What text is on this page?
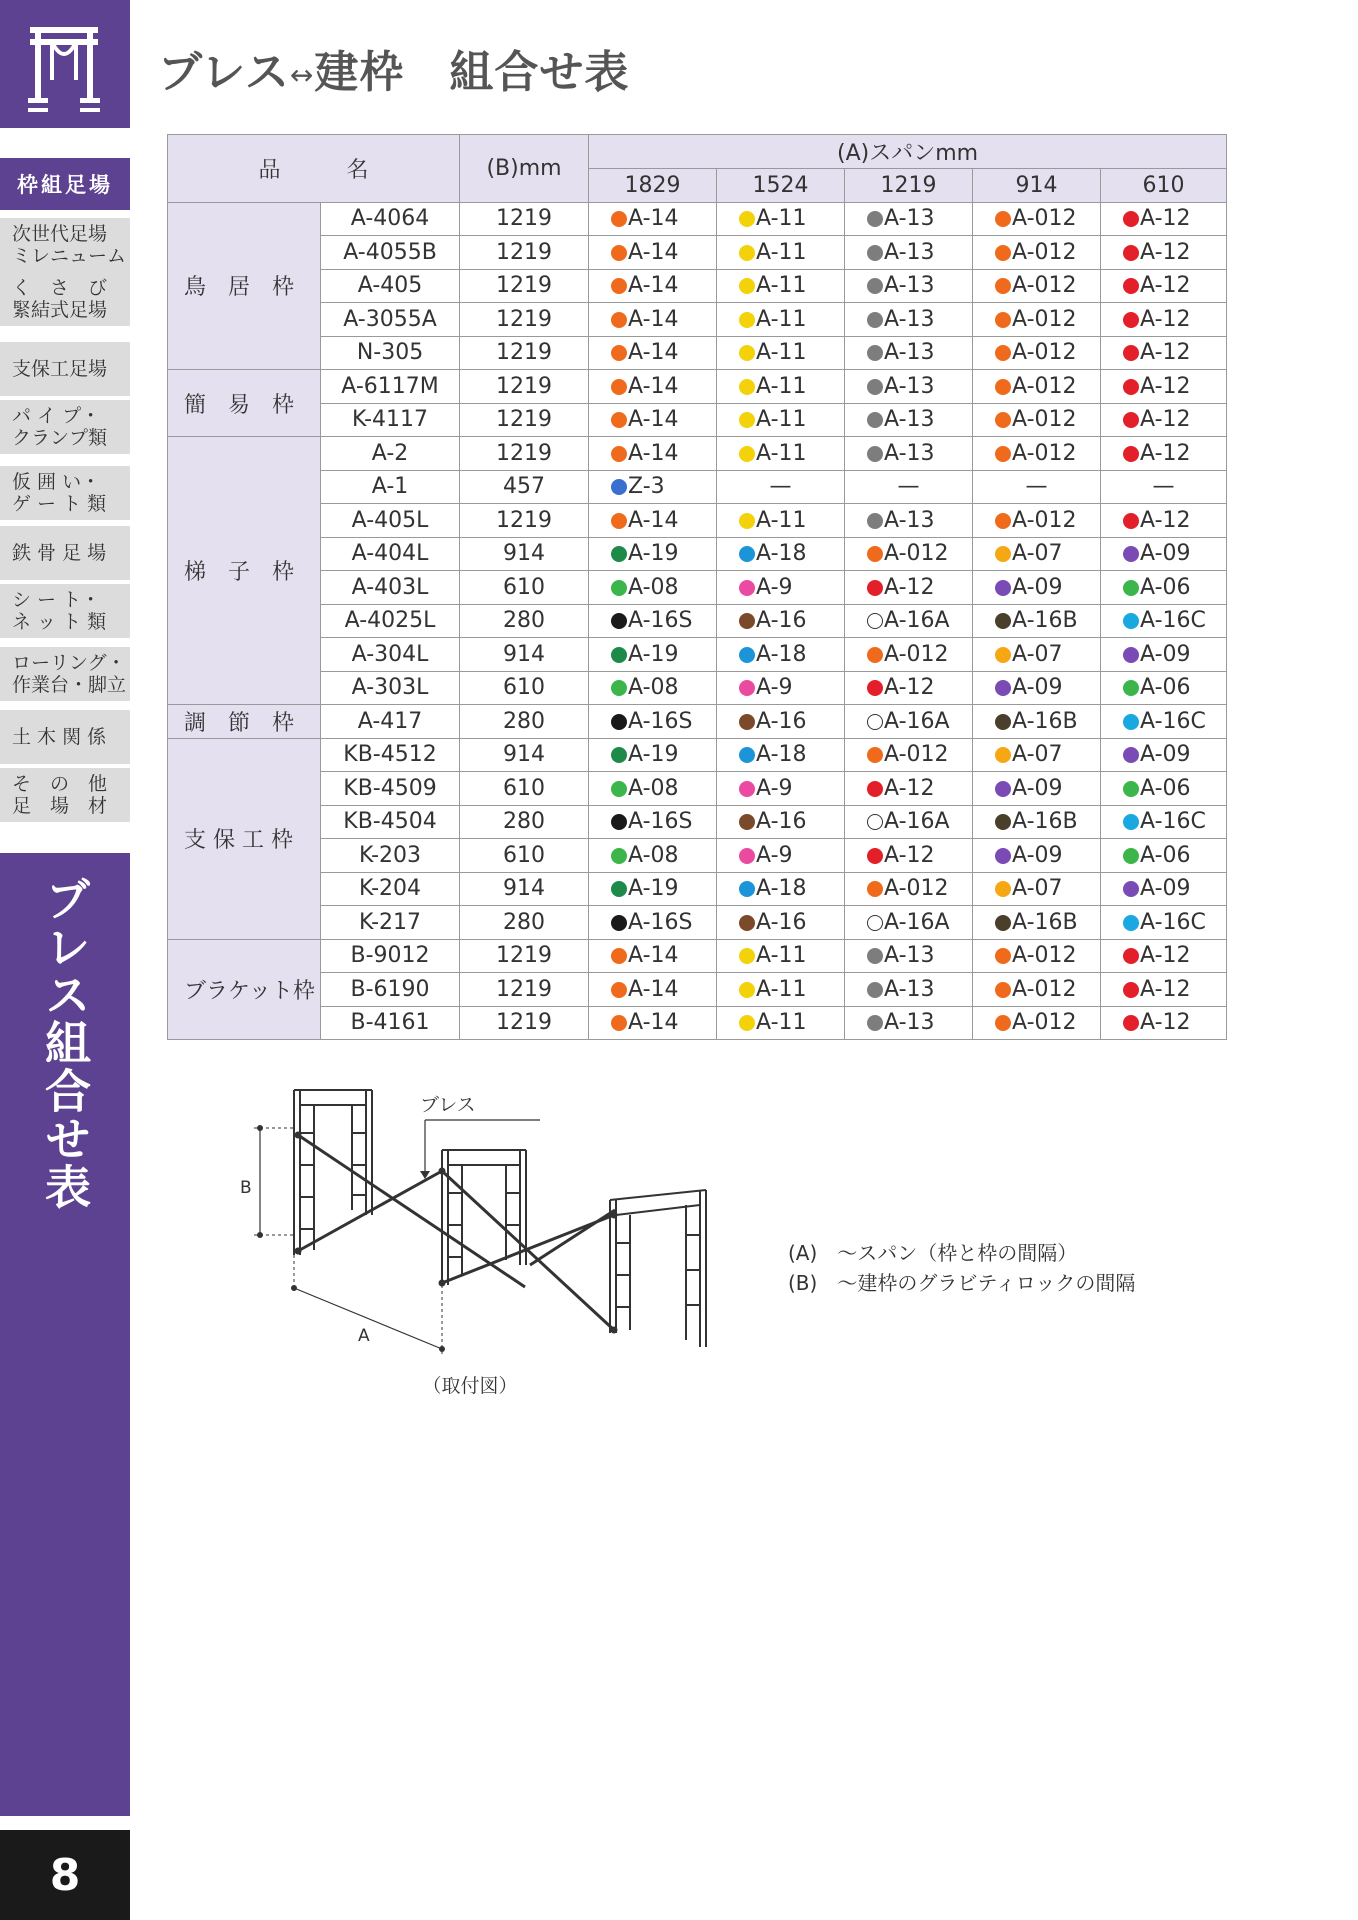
枠組足場
次世代足場
ミレニューム
く　さ　び
緊結式足場
支保工足場
パ イ プ・
クランプ類
仮 囲 い・
ゲ ー ト 類
鉄 骨 足 場
シ ー ト・
ネ ッ ト 類
ローリング・
作業台・脚立
土 木 関 係
そ　の　他
足　場　材
ブレス組合せ表
8
ブレス↔建枠　組合せ表
品　　　名		(B)mm	(A)スパンmm				
			1829	1524	1219	914	610
鳥　居　枠	A-4064	1219	A-14	A-11	A-13	A-012	A-12
	A-4055B	1219	A-14	A-11	A-13	A-012	A-12
	A-405	1219	A-14	A-11	A-13	A-012	A-12
	A-3055A	1219	A-14	A-11	A-13	A-012	A-12
	N-305	1219	A-14	A-11	A-13	A-012	A-12
簡　易　枠	A-6117M	1219	A-14	A-11	A-13	A-012	A-12
	K-4117	1219	A-14	A-11	A-13	A-012	A-12
梯　子　枠	A-2	1219	A-14	A-11	A-13	A-012	A-12
	A-1	457	Z-3	—	—	—	—
	A-405L	1219	A-14	A-11	A-13	A-012	A-12
	A-404L	914	A-19	A-18	A-012	A-07	A-09
	A-403L	610	A-08	A-9	A-12	A-09	A-06
	A-4025L	280	A-16S	A-16	A-16A	A-16B	A-16C
	A-304L	914	A-19	A-18	A-012	A-07	A-09
	A-303L	610	A-08	A-9	A-12	A-09	A-06
調　節　枠	A-417	280	A-16S	A-16	A-16A	A-16B	A-16C
支 保 工 枠	KB-4512	914	A-19	A-18	A-012	A-07	A-09
	KB-4509	610	A-08	A-9	A-12	A-09	A-06
	KB-4504	280	A-16S	A-16	A-16A	A-16B	A-16C
	K-203	610	A-08	A-9	A-12	A-09	A-06
	K-204	914	A-19	A-18	A-012	A-07	A-09
	K-217	280	A-16S	A-16	A-16A	A-16B	A-16C
ブラケット枠	B-9012	1219	A-14	A-11	A-13	A-012	A-12
	B-6190	1219	A-14	A-11	A-13	A-012	A-12
	B-4161	1219	A-14	A-11	A-13	A-012	A-12
ブレス
B
A
（取付図）
(A)　～スパン（枠と枠の間隔）
(B)　～建枠のグラビティロックの間隔
